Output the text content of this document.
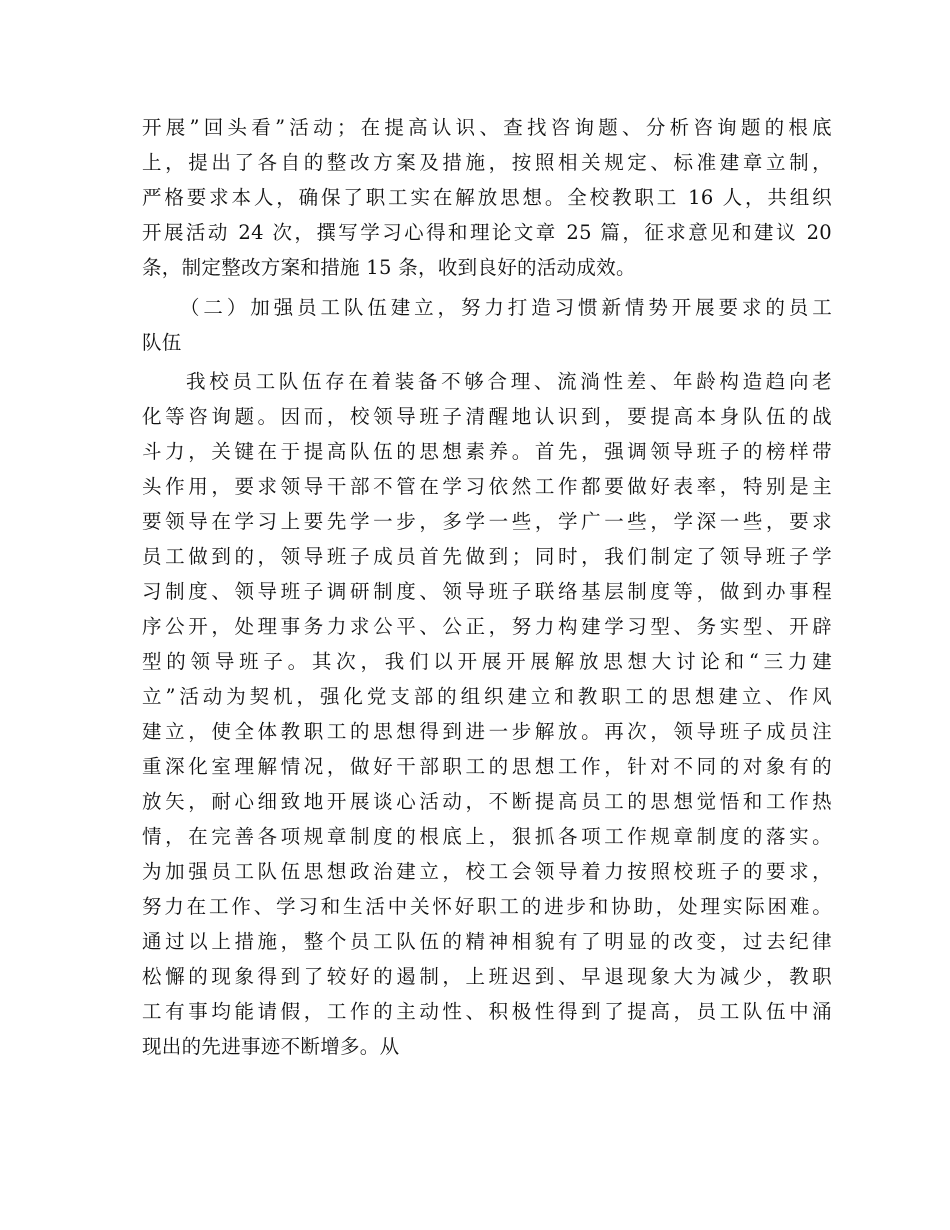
开展”回头看”活动；在提高认识、查找咨询题、分析咨询题的根底
上，提出了各自的整改方案及措施，按照相关规定、标准建章立制，
严格要求本人，确保了职工实在解放思想。全校教职工 16 人，共组织
开展活动 24 次，撰写学习心得和理论文章 25 篇，征求意见和建议 20
条，制定整改方案和措施 15 条，收到良好的活动成效。
（二）加强员工队伍建立，努力打造习惯新情势开展要求的员工
队伍
我校员工队伍存在着装备不够合理、流淌性差、年龄构造趋向老
化等咨询题。因而，校领导班子清醒地认识到，要提高本身队伍的战
斗力，关键在于提高队伍的思想素养。首先，强调领导班子的榜样带
头作用，要求领导干部不管在学习依然工作都要做好表率，特别是主
要领导在学习上要先学一步，多学一些，学广一些，学深一些，要求
员工做到的，领导班子成员首先做到；同时，我们制定了领导班子学
习制度、领导班子调研制度、领导班子联络基层制度等，做到办事程
序公开，处理事务力求公平、公正，努力构建学习型、务实型、开辟
型的领导班子。其次，我们以开展开展解放思想大讨论和“三力建
立”活动为契机，强化党支部的组织建立和教职工的思想建立、作风
建立，使全体教职工的思想得到进一步解放。再次，领导班子成员注
重深化室理解情况，做好干部职工的思想工作，针对不同的对象有的
放矢，耐心细致地开展谈心活动，不断提高员工的思想觉悟和工作热
情，在完善各项规章制度的根底上，狠抓各项工作规章制度的落实。
为加强员工队伍思想政治建立，校工会领导着力按照校班子的要求，
努力在工作、学习和生活中关怀好职工的进步和协助，处理实际困难。
通过以上措施，整个员工队伍的精神相貌有了明显的改变，过去纪律
松懈的现象得到了较好的遏制，上班迟到、早退现象大为减少，教职
工有事均能请假，工作的主动性、积极性得到了提高，员工队伍中涌
现出的先进事迹不断增多。从
